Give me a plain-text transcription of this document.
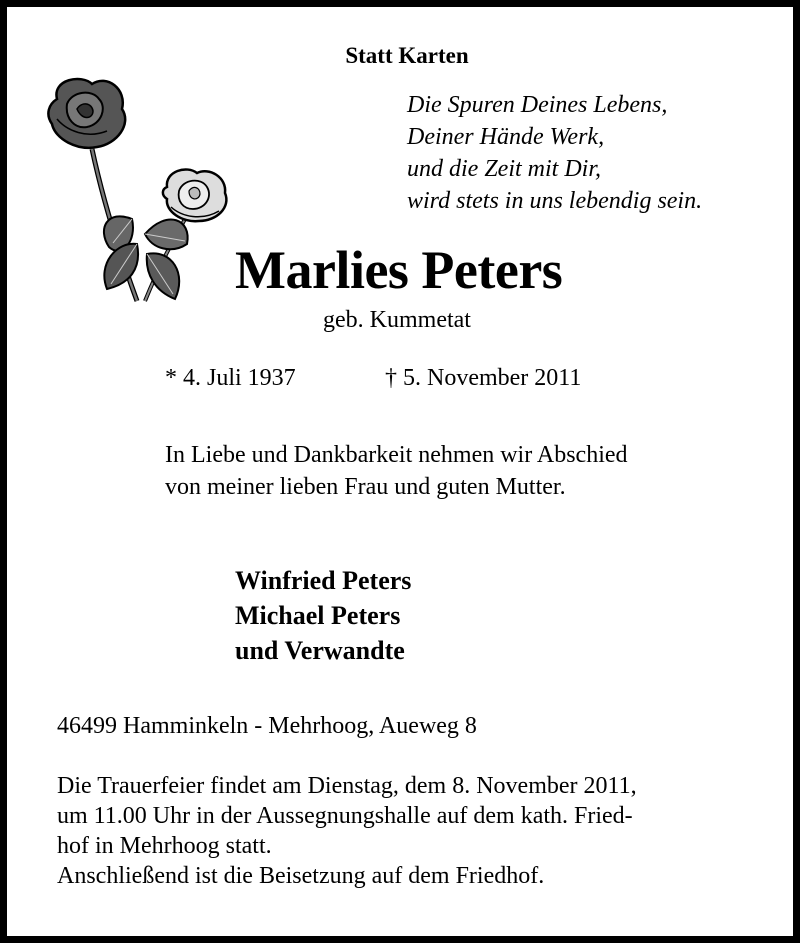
Statt Karten
Die Spuren Deines Lebens,
Deiner Hände Werk,
und die Zeit mit Dir,
wird stets in uns lebendig sein.
Marlies Peters
geb. Kummetat
* 4. Juli 1937	† 5. November 2011
In Liebe und Dankbarkeit nehmen wir Abschied
von meiner lieben Frau und guten Mutter.
Winfried Peters
Michael Peters
und Verwandte
46499 Hamminkeln - Mehrhoog, Aueweg 8
Die Trauerfeier findet am Dienstag, dem 8. November 2011,
um 11.00 Uhr in der Aussegnungshalle auf dem kath. Fried-
hof in Mehrhoog statt.
Anschließend ist die Beisetzung auf dem Friedhof.
